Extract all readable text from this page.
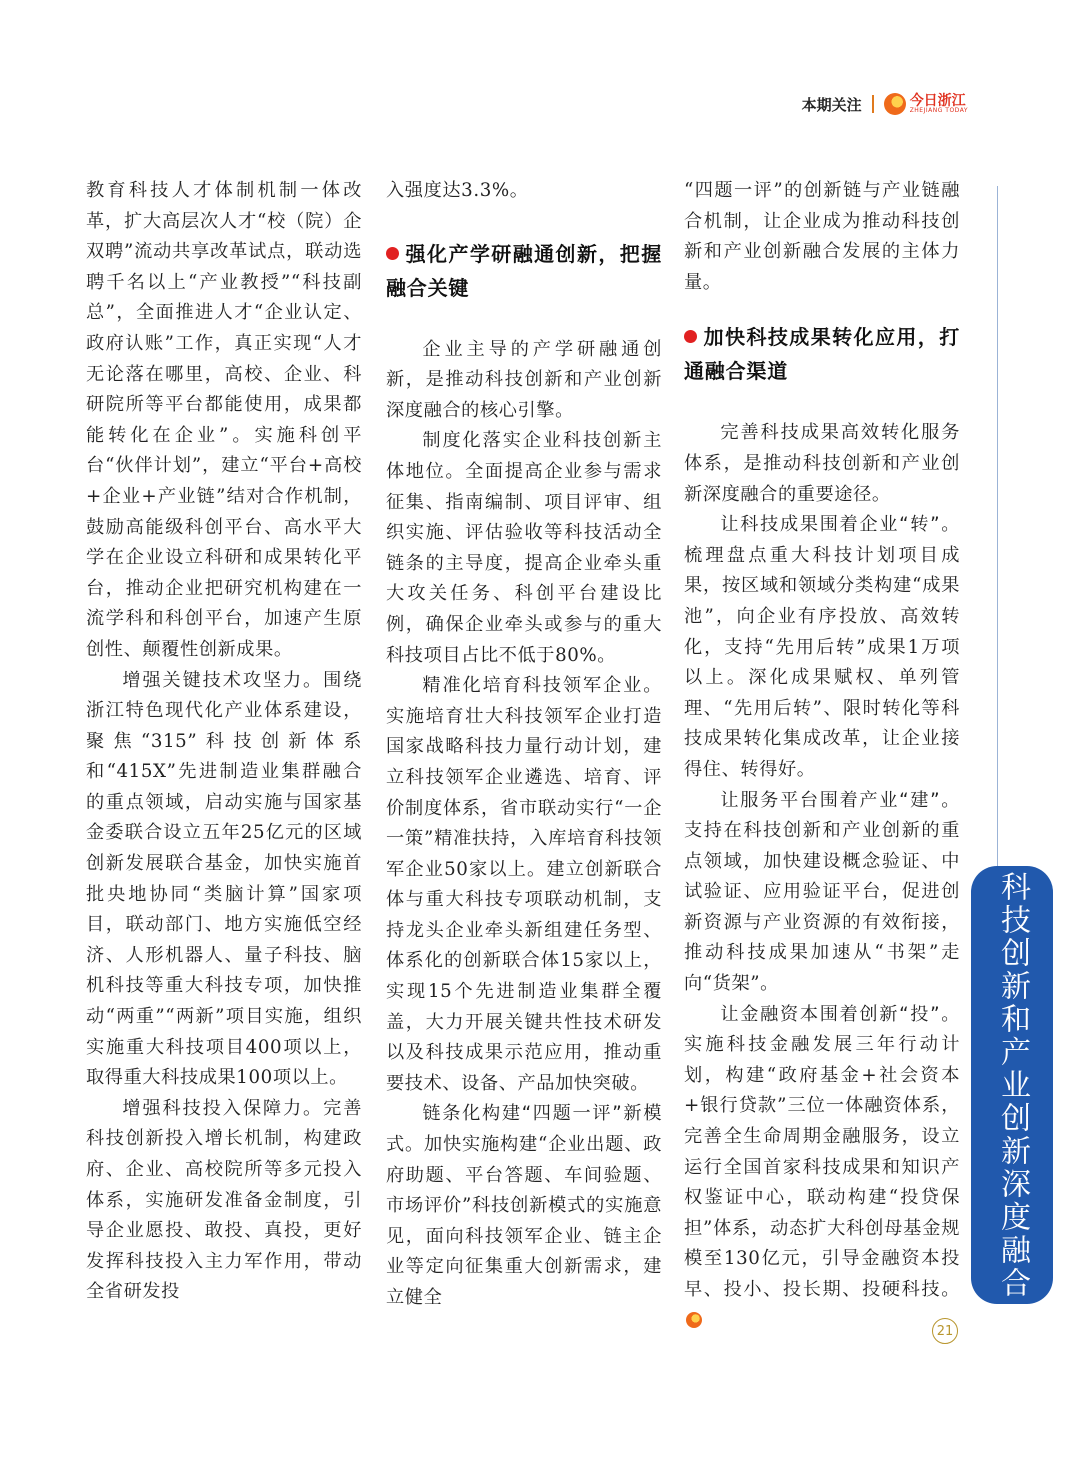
本期关注	今日浙江
ZHEJIANG TODAY

教育科技人才体制机制一体改革，扩大高层次人才“校（院）企双聘”流动共享改革试点，联动选聘千名以上“产业教授”“科技副总”，全面推进人才“企业认定、政府认账”工作，真正实现“人才无论落在哪里，高校、企业、科研院所等平台都能使用，成果都能转化在企业”。实施科创平台“伙伴计划”，建立“平台+高校+企业+产业链”结对合作机制，鼓励高能级科创平台、高水平大学在企业设立科研和成果转化平台，推动企业把研究机构建在一流学科和科创平台，加速产生原创性、颠覆性创新成果。

增强关键技术攻坚力。围绕浙江特色现代化产业体系建设，聚焦“315”科技创新体系和“415X”先进制造业集群融合的重点领域，启动实施与国家基金委联合设立五年25亿元的区域创新发展联合基金，加快实施首批央地协同“类脑计算”国家项目，联动部门、地方实施低空经济、人形机器人、量子科技、脑机科技等重大科技专项，加快推动“两重”“两新”项目实施，组织实施重大科技项目400项以上，取得重大科技成果100项以上。

增强科技投入保障力。完善科技创新投入增长机制，构建政府、企业、高校院所等多元投入体系，实施研发准备金制度，引导企业愿投、敢投、真投，更好发挥科技投入主力军作用，带动全省研发投

入强度达3.3%。

强化产学研融通创新，把握融合关键

企业主导的产学研融通创新，是推动科技创新和产业创新深度融合的核心引擎。

制度化落实企业科技创新主体地位。全面提高企业参与需求征集、指南编制、项目评审、组织实施、评估验收等科技活动全链条的主导度，提高企业牵头重大攻关任务、科创平台建设比例，确保企业牵头或参与的重大科技项目占比不低于80%。

精准化培育科技领军企业。实施培育壮大科技领军企业打造国家战略科技力量行动计划，建立科技领军企业遴选、培育、评价制度体系，省市联动实行“一企一策”精准扶持，入库培育科技领军企业50家以上。建立创新联合体与重大科技专项联动机制，支持龙头企业牵头新组建任务型、体系化的创新联合体15家以上，实现15个先进制造业集群全覆盖，大力开展关键共性技术研发以及科技成果示范应用，推动重要技术、设备、产品加快突破。

链条化构建“四题一评”新模式。加快实施构建“企业出题、政府助题、平台答题、车间验题、市场评价”科技创新模式的实施意见，面向科技领军企业、链主企业等定向征集重大创新需求，建立健全

“四题一评”的创新链与产业链融合机制，让企业成为推动科技创新和产业创新融合发展的主体力量。

加快科技成果转化应用，打通融合渠道

完善科技成果高效转化服务体系，是推动科技创新和产业创新深度融合的重要途径。

让科技成果围着企业“转”。梳理盘点重大科技计划项目成果，按区域和领域分类构建“成果池”，向企业有序投放、高效转化，支持“先用后转”成果1万项以上。深化成果赋权、单列管理、“先用后转”、限时转化等科技成果转化集成改革，让企业接得住、转得好。

让服务平台围着产业“建”。支持在科技创新和产业创新的重点领域，加快建设概念验证、中试验证、应用验证平台，促进创新资源与产业资源的有效衔接，推动科技成果加速从“书架”走向“货架”。

让金融资本围着创新“投”。实施科技金融发展三年行动计划，构建“政府基金+社会资本+银行贷款”三位一体融资体系，完善全生命周期金融服务，设立运行全国首家科技成果和知识产权鉴证中心，联动构建“投贷保担”体系，动态扩大科创母基金规模至130亿元，引导金融资本投早、投小、投长期、投硬科技。 科技创新和产业创新深度融合
21
